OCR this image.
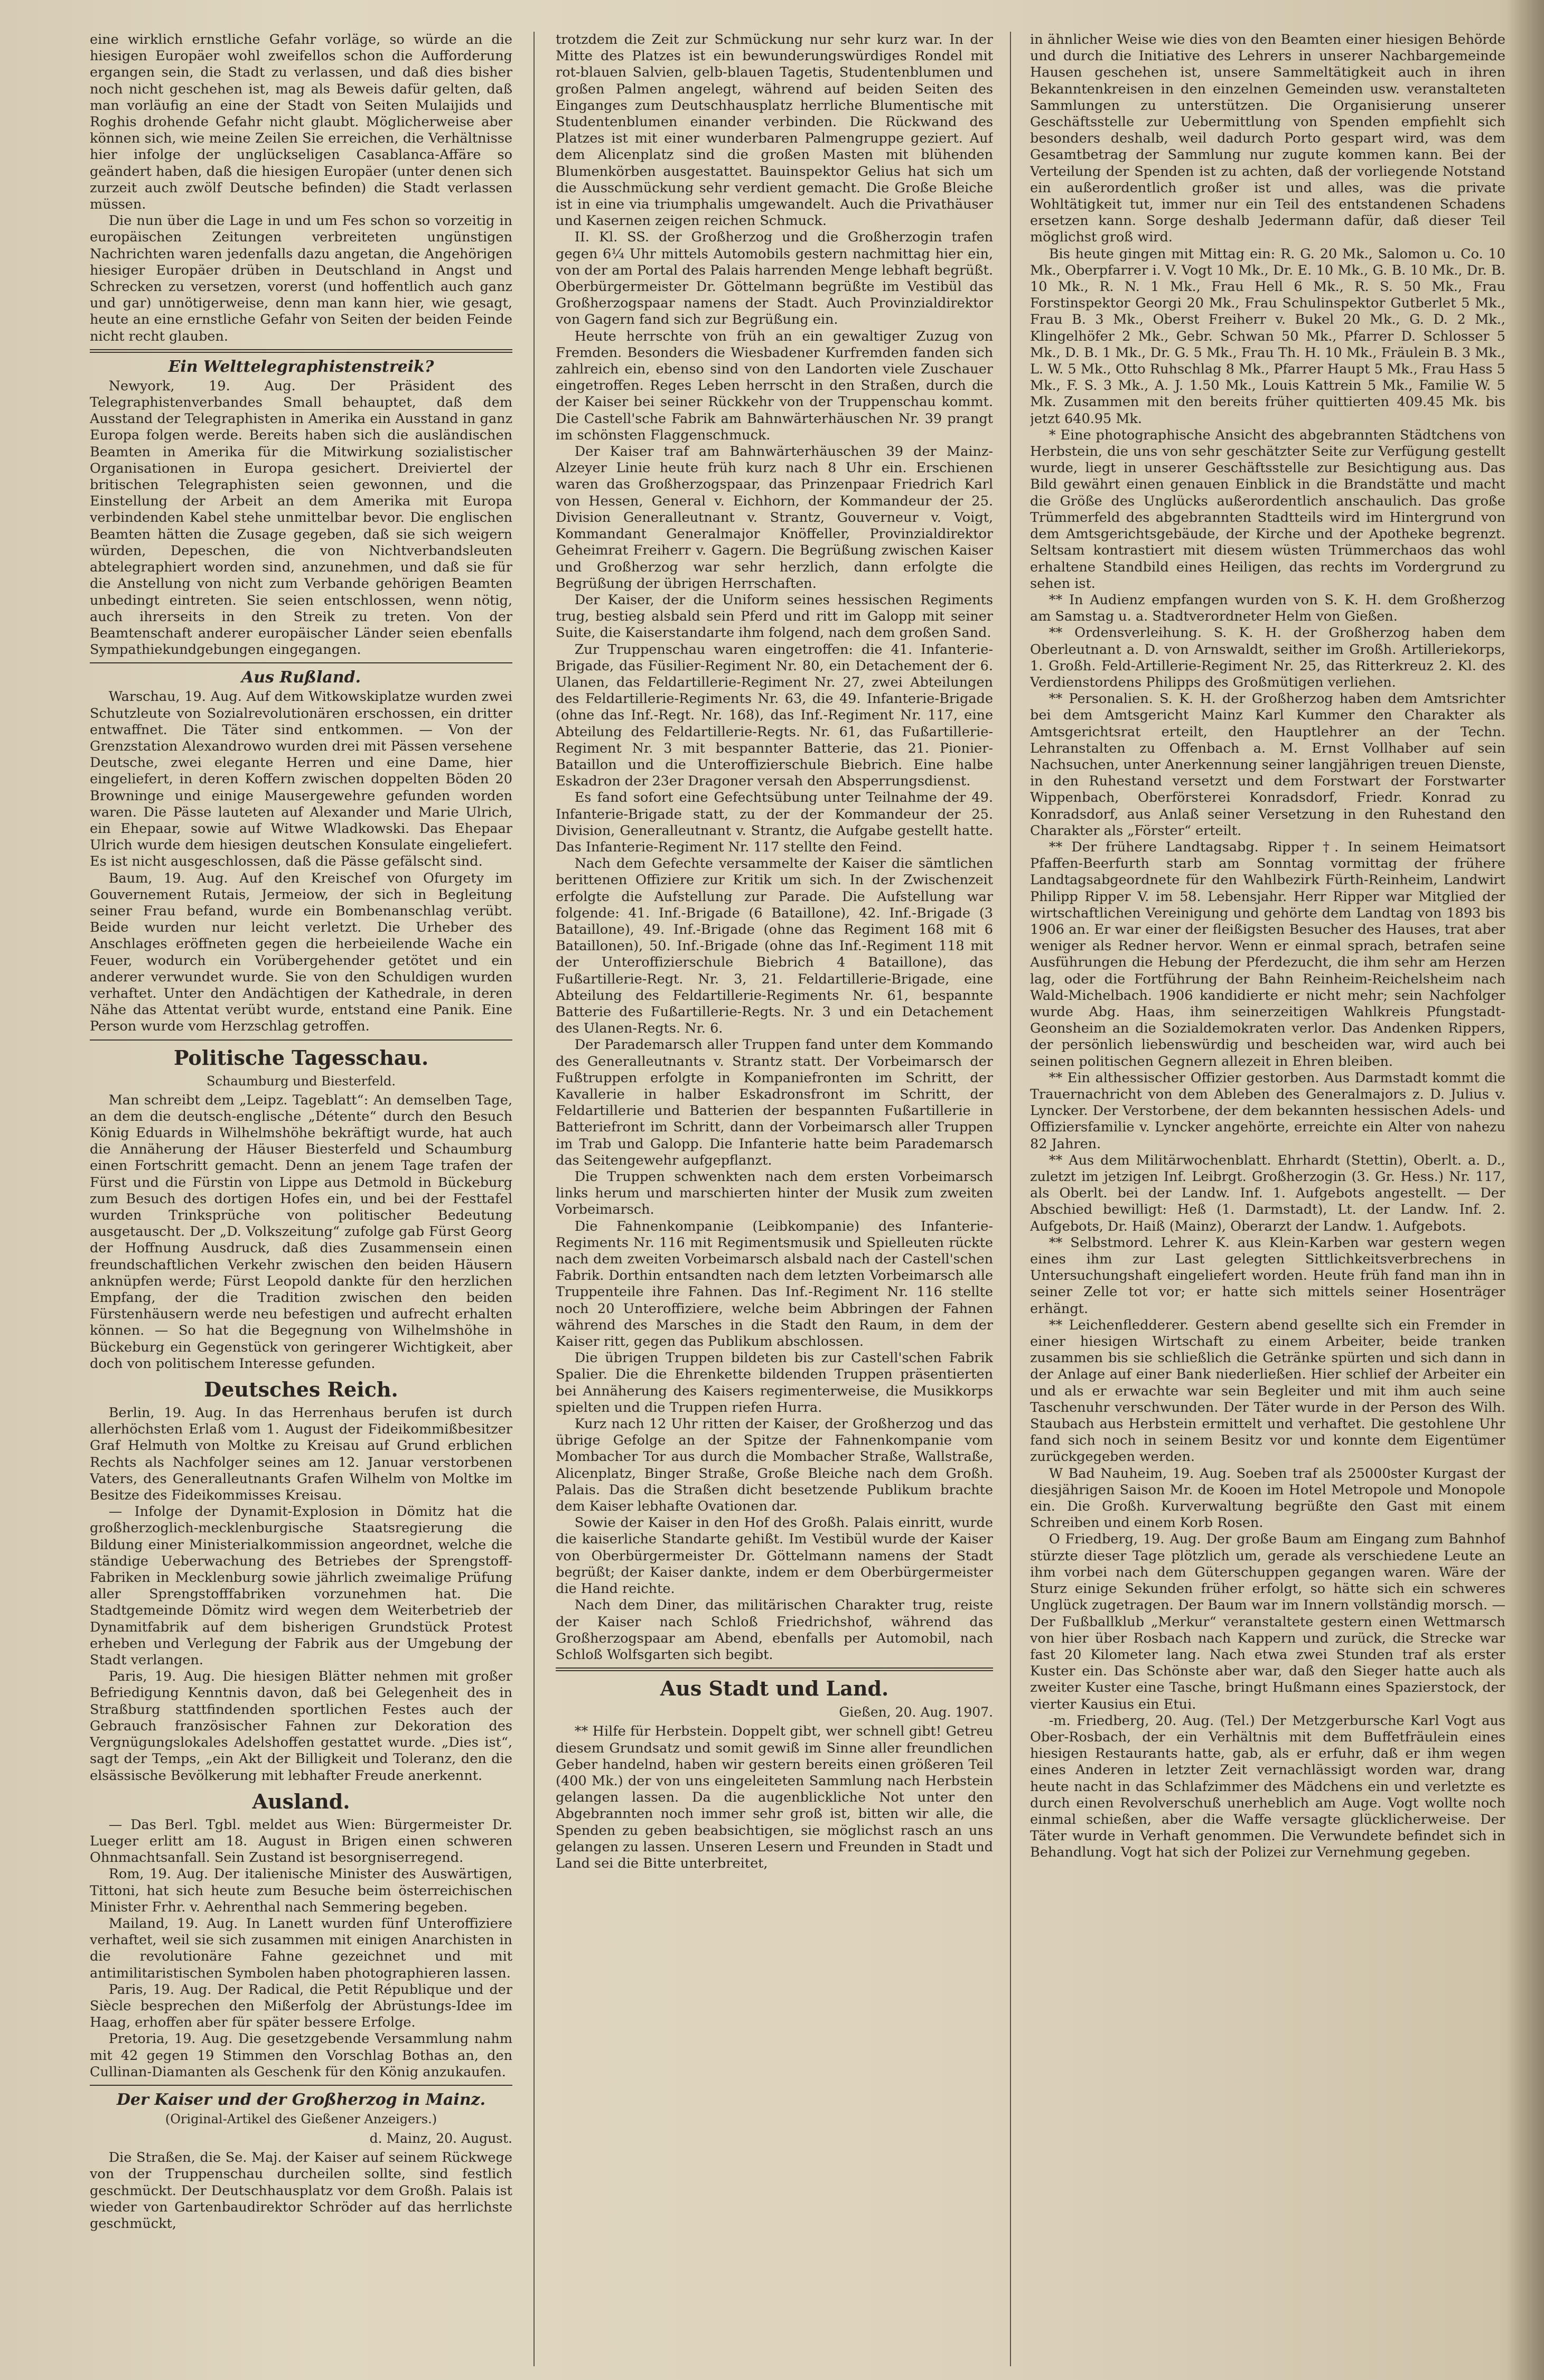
eine wirklich ernstliche Gefahr vorläge, so würde an die hiesigen Europäer wohl zweifellos schon die Aufforderung ergangen sein, die Stadt zu verlassen, und daß dies bisher noch nicht geschehen ist, mag als Beweis dafür gelten, daß man vorläufig an eine der Stadt von Seiten Mulaijids und Roghis drohende Gefahr nicht glaubt. Möglicherweise aber können sich, wie meine Zeilen Sie erreichen, die Verhältnisse hier infolge der unglückseligen Casablanca-Affäre so geändert haben, daß die hiesigen Europäer (unter denen sich zurzeit auch zwölf Deutsche befinden) die Stadt verlassen müssen.

Die nun über die Lage in und um Fes schon so vorzeitig in europäischen Zeitungen verbreiteten ungünstigen Nachrichten waren jedenfalls dazu angetan, die Angehörigen hiesiger Europäer drüben in Deutschland in Angst und Schrecken zu versetzen, vorerst (und hoffentlich auch ganz und gar) unnötigerweise, denn man kann hier, wie gesagt, heute an eine ernstliche Gefahr von Seiten der beiden Feinde nicht recht glauben.

Ein Welttelegraphistenstreik?

Newyork, 19. Aug. Der Präsident des Telegraphistenverbandes Small behauptet, daß dem Ausstand der Telegraphisten in Amerika ein Ausstand in ganz Europa folgen werde. Bereits haben sich die ausländischen Beamten in Amerika für die Mitwirkung sozialistischer Organisationen in Europa gesichert. Dreiviertel der britischen Telegraphisten seien gewonnen, und die Einstellung der Arbeit an dem Amerika mit Europa verbindenden Kabel stehe unmittelbar bevor. Die englischen Beamten hätten die Zusage gegeben, daß sie sich weigern würden, Depeschen, die von Nichtverbandsleuten abtelegraphiert worden sind, anzunehmen, und daß sie für die Anstellung von nicht zum Verbande gehörigen Beamten unbedingt eintreten. Sie seien entschlossen, wenn nötig, auch ihrerseits in den Streik zu treten. Von der Beamtenschaft anderer europäischer Länder seien ebenfalls Sympathiekundgebungen eingegangen.

Aus Rußland.

Warschau, 19. Aug. Auf dem Witkowskiplatze wurden zwei Schutzleute von Sozialrevolutionären erschossen, ein dritter entwaffnet. Die Täter sind entkommen. — Von der Grenzstation Alexandrowo wurden drei mit Pässen versehene Deutsche, zwei elegante Herren und eine Dame, hier eingeliefert, in deren Koffern zwischen doppelten Böden 20 Browninge und einige Mausergewehre gefunden worden waren. Die Pässe lauteten auf Alexander und Marie Ulrich, ein Ehepaar, sowie auf Witwe Wladkowski. Das Ehepaar Ulrich wurde dem hiesigen deutschen Konsulate eingeliefert. Es ist nicht ausgeschlossen, daß die Pässe gefälscht sind.

Baum, 19. Aug. Auf den Kreischef von Ofurgety im Gouvernement Rutais, Jermeiow, der sich in Begleitung seiner Frau befand, wurde ein Bombenanschlag verübt. Beide wurden nur leicht verletzt. Die Urheber des Anschlages eröffneten gegen die herbeieilende Wache ein Feuer, wodurch ein Vorübergehender getötet und ein anderer verwundet wurde. Sie von den Schuldigen wurden verhaftet. Unter den Andächtigen der Kathedrale, in deren Nähe das Attentat verübt wurde, entstand eine Panik. Eine Person wurde vom Herzschlag getroffen.

Politische Tagesschau.
Schaumburg und Biesterfeld.

Man schreibt dem „Leipz. Tageblatt“: An demselben Tage, an dem die deutsch-englische „Détente“ durch den Besuch König Eduards in Wilhelmshöhe bekräftigt wurde, hat auch die Annäherung der Häuser Biesterfeld und Schaumburg einen Fortschritt gemacht. Denn an jenem Tage trafen der Fürst und die Fürstin von Lippe aus Detmold in Bückeburg zum Besuch des dortigen Hofes ein, und bei der Festtafel wurden Trinksprüche von politischer Bedeutung ausgetauscht. Der „D. Volkszeitung“ zufolge gab Fürst Georg der Hoffnung Ausdruck, daß dies Zusammensein einen freundschaftlichen Verkehr zwischen den beiden Häusern anknüpfen werde; Fürst Leopold dankte für den herzlichen Empfang, der die Tradition zwischen den beiden Fürstenhäusern werde neu befestigen und aufrecht erhalten können. — So hat die Begegnung von Wilhelmshöhe in Bückeburg ein Gegenstück von geringerer Wichtigkeit, aber doch von politischem Interesse gefunden.

Deutsches Reich.

Berlin, 19. Aug. In das Herrenhaus berufen ist durch allerhöchsten Erlaß vom 1. August der Fideikommißbesitzer Graf Helmuth von Moltke zu Kreisau auf Grund erblichen Rechts als Nachfolger seines am 12. Januar verstorbenen Vaters, des Generalleutnants Grafen Wilhelm von Moltke im Besitze des Fideikommisses Kreisau.

— Infolge der Dynamit-Explosion in Dömitz hat die großherzoglich-mecklenburgische Staatsregierung die Bildung einer Ministerialkommission angeordnet, welche die ständige Ueberwachung des Betriebes der Sprengstoff-Fabriken in Mecklenburg sowie jährlich zweimalige Prüfung aller Sprengstofffabriken vorzunehmen hat. Die Stadtgemeinde Dömitz wird wegen dem Weiterbetrieb der Dynamitfabrik auf dem bisherigen Grundstück Protest erheben und Verlegung der Fabrik aus der Umgebung der Stadt verlangen.

Paris, 19. Aug. Die hiesigen Blätter nehmen mit großer Befriedigung Kenntnis davon, daß bei Gelegenheit des in Straßburg stattfindenden sportlichen Festes auch der Gebrauch französischer Fahnen zur Dekoration des Vergnügungslokales Adelshoffen gestattet wurde. „Dies ist“, sagt der Temps, „ein Akt der Billigkeit und Toleranz, den die elsässische Bevölkerung mit lebhafter Freude anerkennt.

Ausland.

— Das Berl. Tgbl. meldet aus Wien: Bürgermeister Dr. Lueger erlitt am 18. August in Brigen einen schweren Ohnmachtsanfall. Sein Zustand ist besorgniserregend.

Rom, 19. Aug. Der italienische Minister des Auswärtigen, Tittoni, hat sich heute zum Besuche beim österreichischen Minister Frhr. v. Aehrenthal nach Semmering begeben.

Mailand, 19. Aug. In Lanett wurden fünf Unteroffiziere verhaftet, weil sie sich zusammen mit einigen Anarchisten in die revolutionäre Fahne gezeichnet und mit antimilitaristischen Symbolen haben photographieren lassen.

Paris, 19. Aug. Der Radical, die Petit République und der Siècle besprechen den Mißerfolg der Abrüstungs-Idee im Haag, erhoffen aber für später bessere Erfolge.

Pretoria, 19. Aug. Die gesetzgebende Versammlung nahm mit 42 gegen 19 Stimmen den Vorschlag Bothas an, den Cullinan-Diamanten als Geschenk für den König anzukaufen.

Der Kaiser und der Großherzog in Mainz.
(Original-Artikel des Gießener Anzeigers.)
d. Mainz, 20. August.

Die Straßen, die Se. Maj. der Kaiser auf seinem Rückwege von der Truppenschau durcheilen sollte, sind festlich geschmückt. Der Deutschhausplatz vor dem Großh. Palais ist wieder von Gartenbaudirektor Schröder auf das herrlichste geschmückt,

trotzdem die Zeit zur Schmückung nur sehr kurz war. In der Mitte des Platzes ist ein bewunderungswürdiges Rondel mit rot-blauen Salvien, gelb-blauen Tagetis, Studentenblumen und großen Palmen angelegt, während auf beiden Seiten des Einganges zum Deutschhausplatz herrliche Blumentische mit Studentenblumen einander verbinden. Die Rückwand des Platzes ist mit einer wunderbaren Palmengruppe geziert. Auf dem Alicenplatz sind die großen Masten mit blühenden Blumenkörben ausgestattet. Bauinspektor Gelius hat sich um die Ausschmückung sehr verdient gemacht. Die Große Bleiche ist in eine via triumphalis umgewandelt. Auch die Privathäuser und Kasernen zeigen reichen Schmuck.

II. Kl. SS. der Großherzog und die Großherzogin trafen gegen 6¼ Uhr mittels Automobils gestern nachmittag hier ein, von der am Portal des Palais harrenden Menge lebhaft begrüßt. Oberbürgermeister Dr. Göttelmann begrüßte im Vestibül das Großherzogspaar namens der Stadt. Auch Provinzialdirektor von Gagern fand sich zur Begrüßung ein.

Heute herrschte von früh an ein gewaltiger Zuzug von Fremden. Besonders die Wiesbadener Kurfremden fanden sich zahlreich ein, ebenso sind von den Landorten viele Zuschauer eingetroffen. Reges Leben herrscht in den Straßen, durch die der Kaiser bei seiner Rückkehr von der Truppenschau kommt. Die Castell'sche Fabrik am Bahnwärterhäuschen Nr. 39 prangt im schönsten Flaggenschmuck.

Der Kaiser traf am Bahnwärterhäuschen 39 der Mainz-Alzeyer Linie heute früh kurz nach 8 Uhr ein. Erschienen waren das Großherzogspaar, das Prinzenpaar Friedrich Karl von Hessen, General v. Eichhorn, der Kommandeur der 25. Division Generalleutnant v. Strantz, Gouverneur v. Voigt, Kommandant Generalmajor Knöffeller, Provinzialdirektor Geheimrat Freiherr v. Gagern. Die Begrüßung zwischen Kaiser und Großherzog war sehr herzlich, dann erfolgte die Begrüßung der übrigen Herrschaften.

Der Kaiser, der die Uniform seines hessischen Regiments trug, bestieg alsbald sein Pferd und ritt im Galopp mit seiner Suite, die Kaiserstandarte ihm folgend, nach dem großen Sand.

Zur Truppenschau waren eingetroffen: die 41. Infanterie-Brigade, das Füsilier-Regiment Nr. 80, ein Detachement der 6. Ulanen, das Feldartillerie-Regiment Nr. 27, zwei Abteilungen des Feldartillerie-Regiments Nr. 63, die 49. Infanterie-Brigade (ohne das Inf.-Regt. Nr. 168), das Inf.-Regiment Nr. 117, eine Abteilung des Feldartillerie-Regts. Nr. 61, das Fußartillerie-Regiment Nr. 3 mit bespannter Batterie, das 21. Pionier-Bataillon und die Unteroffizierschule Biebrich. Eine halbe Eskadron der 23er Dragoner versah den Absperrungsdienst.

Es fand sofort eine Gefechtsübung unter Teilnahme der 49. Infanterie-Brigade statt, zu der der Kommandeur der 25. Division, Generalleutnant v. Strantz, die Aufgabe gestellt hatte. Das Infanterie-Regiment Nr. 117 stellte den Feind.

Nach dem Gefechte versammelte der Kaiser die sämtlichen berittenen Offiziere zur Kritik um sich. In der Zwischenzeit erfolgte die Aufstellung zur Parade. Die Aufstellung war folgende: 41. Inf.-Brigade (6 Bataillone), 42. Inf.-Brigade (3 Bataillone), 49. Inf.-Brigade (ohne das Regiment 168 mit 6 Bataillonen), 50. Inf.-Brigade (ohne das Inf.-Regiment 118 mit der Unteroffizierschule Biebrich 4 Bataillone), das Fußartillerie-Regt. Nr. 3, 21. Feldartillerie-Brigade, eine Abteilung des Feldartillerie-Regiments Nr. 61, bespannte Batterie des Fußartillerie-Regts. Nr. 3 und ein Detachement des Ulanen-Regts. Nr. 6.

Der Parademarsch aller Truppen fand unter dem Kommando des Generalleutnants v. Strantz statt. Der Vorbeimarsch der Fußtruppen erfolgte in Kompaniefronten im Schritt, der Kavallerie in halber Eskadronsfront im Schritt, der Feldartillerie und Batterien der bespannten Fußartillerie in Batteriefront im Schritt, dann der Vorbeimarsch aller Truppen im Trab und Galopp. Die Infanterie hatte beim Parademarsch das Seitengewehr aufgepflanzt.

Die Truppen schwenkten nach dem ersten Vorbeimarsch links herum und marschierten hinter der Musik zum zweiten Vorbeimarsch.

Die Fahnenkompanie (Leibkompanie) des Infanterie-Regiments Nr. 116 mit Regimentsmusik und Spielleuten rückte nach dem zweiten Vorbeimarsch alsbald nach der Castell'schen Fabrik. Dorthin entsandten nach dem letzten Vorbeimarsch alle Truppenteile ihre Fahnen. Das Inf.-Regiment Nr. 116 stellte noch 20 Unteroffiziere, welche beim Abbringen der Fahnen während des Marsches in die Stadt den Raum, in dem der Kaiser ritt, gegen das Publikum abschlossen.

Die übrigen Truppen bildeten bis zur Castell'schen Fabrik Spalier. Die die Ehrenkette bildenden Truppen präsentierten bei Annäherung des Kaisers regimenterweise, die Musikkorps spielten und die Truppen riefen Hurra.

Kurz nach 12 Uhr ritten der Kaiser, der Großherzog und das übrige Gefolge an der Spitze der Fahnenkompanie vom Mombacher Tor aus durch die Mombacher Straße, Wallstraße, Alicenplatz, Binger Straße, Große Bleiche nach dem Großh. Palais. Das die Straßen dicht besetzende Publikum brachte dem Kaiser lebhafte Ovationen dar.

Sowie der Kaiser in den Hof des Großh. Palais einritt, wurde die kaiserliche Standarte gehißt. Im Vestibül wurde der Kaiser von Oberbürgermeister Dr. Göttelmann namens der Stadt begrüßt; der Kaiser dankte, indem er dem Oberbürgermeister die Hand reichte.

Nach dem Diner, das militärischen Charakter trug, reiste der Kaiser nach Schloß Friedrichshof, während das Großherzogspaar am Abend, ebenfalls per Automobil, nach Schloß Wolfsgarten sich begibt.

Aus Stadt und Land.
Gießen, 20. Aug. 1907.

** Hilfe für Herbstein. Doppelt gibt, wer schnell gibt! Getreu diesem Grundsatz und somit gewiß im Sinne aller freundlichen Geber handelnd, haben wir gestern bereits einen größeren Teil (400 Mk.) der von uns eingeleiteten Sammlung nach Herbstein gelangen lassen. Da die augenblickliche Not unter den Abgebrannten noch immer sehr groß ist, bitten wir alle, die Spenden zu geben beabsichtigen, sie möglichst rasch an uns gelangen zu lassen. Unseren Lesern und Freunden in Stadt und Land sei die Bitte unterbreitet,

in ähnlicher Weise wie dies von den Beamten einer hiesigen Behörde und durch die Initiative des Lehrers in unserer Nachbargemeinde Hausen geschehen ist, unsere Sammeltätigkeit auch in ihren Bekanntenkreisen in den einzelnen Gemeinden usw. veranstalteten Sammlungen zu unterstützen. Die Organisierung unserer Geschäftsstelle zur Uebermittlung von Spenden empfiehlt sich besonders deshalb, weil dadurch Porto gespart wird, was dem Gesamtbetrag der Sammlung nur zugute kommen kann. Bei der Verteilung der Spenden ist zu achten, daß der vorliegende Notstand ein außerordentlich großer ist und alles, was die private Wohltätigkeit tut, immer nur ein Teil des entstandenen Schadens ersetzen kann. Sorge deshalb Jedermann dafür, daß dieser Teil möglichst groß wird.

Bis heute gingen mit Mittag ein: R. G. 20 Mk., Salomon u. Co. 10 Mk., Oberpfarrer i. V. Vogt 10 Mk., Dr. E. 10 Mk., G. B. 10 Mk., Dr. B. 10 Mk., R. N. 1 Mk., Frau Hell 6 Mk., R. S. 50 Mk., Frau Forstinspektor Georgi 20 Mk., Frau Schulinspektor Gutberlet 5 Mk., Frau B. 3 Mk., Oberst Freiherr v. Bukel 20 Mk., G. D. 2 Mk., Klingelhöfer 2 Mk., Gebr. Schwan 50 Mk., Pfarrer D. Schlosser 5 Mk., D. B. 1 Mk., Dr. G. 5 Mk., Frau Th. H. 10 Mk., Fräulein B. 3 Mk., L. W. 5 Mk., Otto Ruhschlag 8 Mk., Pfarrer Haupt 5 Mk., Frau Hass 5 Mk., F. S. 3 Mk., A. J. 1.50 Mk., Louis Kattrein 5 Mk., Familie W. 5 Mk. Zusammen mit den bereits früher quittierten 409.45 Mk. bis jetzt 640.95 Mk.

* Eine photographische Ansicht des abgebrannten Städtchens von Herbstein, die uns von sehr geschätzter Seite zur Verfügung gestellt wurde, liegt in unserer Geschäftsstelle zur Besichtigung aus. Das Bild gewährt einen genauen Einblick in die Brandstätte und macht die Größe des Unglücks außerordentlich anschaulich. Das große Trümmerfeld des abgebrannten Stadtteils wird im Hintergrund von dem Amtsgerichtsgebäude, der Kirche und der Apotheke begrenzt. Seltsam kontrastiert mit diesem wüsten Trümmerchaos das wohl erhaltene Standbild eines Heiligen, das rechts im Vordergrund zu sehen ist.

** In Audienz empfangen wurden von S. K. H. dem Großherzog am Samstag u. a. Stadtverordneter Helm von Gießen.

** Ordensverleihung. S. K. H. der Großherzog haben dem Oberleutnant a. D. von Arnswaldt, seither im Großh. Artilleriekorps, 1. Großh. Feld-Artillerie-Regiment Nr. 25, das Ritterkreuz 2. Kl. des Verdienstordens Philipps des Großmütigen verliehen.

** Personalien. S. K. H. der Großherzog haben dem Amtsrichter bei dem Amtsgericht Mainz Karl Kummer den Charakter als Amtsgerichtsrat erteilt, den Hauptlehrer an der Techn. Lehranstalten zu Offenbach a. M. Ernst Vollhaber auf sein Nachsuchen, unter Anerkennung seiner langjährigen treuen Dienste, in den Ruhestand versetzt und dem Forstwart der Forstwarter Wippenbach, Oberförsterei Konradsdorf, Friedr. Konrad zu Konradsdorf, aus Anlaß seiner Versetzung in den Ruhestand den Charakter als „Förster“ erteilt.

** Der frühere Landtagsabg. Ripper †. In seinem Heimatsort Pfaffen-Beerfurth starb am Sonntag vormittag der frühere Landtagsabgeordnete für den Wahlbezirk Fürth-Reinheim, Landwirt Philipp Ripper V. im 58. Lebensjahr. Herr Ripper war Mitglied der wirtschaftlichen Vereinigung und gehörte dem Landtag von 1893 bis 1906 an. Er war einer der fleißigsten Besucher des Hauses, trat aber weniger als Redner hervor. Wenn er einmal sprach, betrafen seine Ausführungen die Hebung der Pferdezucht, die ihm sehr am Herzen lag, oder die Fortführung der Bahn Reinheim-Reichelsheim nach Wald-Michelbach. 1906 kandidierte er nicht mehr; sein Nachfolger wurde Abg. Haas, ihm seinerzeitigen Wahlkreis Pfungstadt-Geonsheim an die Sozialdemokraten verlor. Das Andenken Rippers, der persönlich liebenswürdig und bescheiden war, wird auch bei seinen politischen Gegnern allezeit in Ehren bleiben.

** Ein althessischer Offizier gestorben. Aus Darmstadt kommt die Trauernachricht von dem Ableben des Generalmajors z. D. Julius v. Lyncker. Der Verstorbene, der dem bekannten hessischen Adels- und Offiziersfamilie v. Lyncker angehörte, erreichte ein Alter von nahezu 82 Jahren.

** Aus dem Militärwochenblatt. Ehrhardt (Stettin), Oberlt. a. D., zuletzt im jetzigen Inf. Leibrgt. Großherzogin (3. Gr. Hess.) Nr. 117, als Oberlt. bei der Landw. Inf. 1. Aufgebots angestellt. — Der Abschied bewilligt: Heß (1. Darmstadt), Lt. der Landw. Inf. 2. Aufgebots, Dr. Haiß (Mainz), Oberarzt der Landw. 1. Aufgebots.

** Selbstmord. Lehrer K. aus Klein-Karben war gestern wegen eines ihm zur Last gelegten Sittlichkeitsverbrechens in Untersuchungshaft eingeliefert worden. Heute früh fand man ihn in seiner Zelle tot vor; er hatte sich mittels seiner Hosenträger erhängt.

** Leichenfledderer. Gestern abend gesellte sich ein Fremder in einer hiesigen Wirtschaft zu einem Arbeiter, beide tranken zusammen bis sie schließlich die Getränke spürten und sich dann in der Anlage auf einer Bank niederließen. Hier schlief der Arbeiter ein und als er erwachte war sein Begleiter und mit ihm auch seine Taschenuhr verschwunden. Der Täter wurde in der Person des Wilh. Staubach aus Herbstein ermittelt und verhaftet. Die gestohlene Uhr fand sich noch in seinem Besitz vor und konnte dem Eigentümer zurückgegeben werden.

W Bad Nauheim, 19. Aug. Soeben traf als 25000ster Kurgast der diesjährigen Saison Mr. de Kooen im Hotel Metropole und Monopole ein. Die Großh. Kurverwaltung begrüßte den Gast mit einem Schreiben und einem Korb Rosen.

O Friedberg, 19. Aug. Der große Baum am Eingang zum Bahnhof stürzte dieser Tage plötzlich um, gerade als verschiedene Leute an ihm vorbei nach dem Güterschuppen gegangen waren. Wäre der Sturz einige Sekunden früher erfolgt, so hätte sich ein schweres Unglück zugetragen. Der Baum war im Innern vollständig morsch. — Der Fußballklub „Merkur“ veranstaltete gestern einen Wettmarsch von hier über Rosbach nach Kappern und zurück, die Strecke war fast 20 Kilometer lang. Nach etwa zwei Stunden traf als erster Kuster ein. Das Schönste aber war, daß den Sieger hatte auch als zweiter Kuster eine Tasche, bringt Hußmann eines Spazierstock, der vierter Kausius ein Etui.

-m. Friedberg, 20. Aug. (Tel.) Der Metzgerbursche Karl Vogt aus Ober-Rosbach, der ein Verhältnis mit dem Buffetfräulein eines hiesigen Restaurants hatte, gab, als er erfuhr, daß er ihm wegen eines Anderen in letzter Zeit vernachlässigt worden war, drang heute nacht in das Schlafzimmer des Mädchens ein und verletzte es durch einen Revolverschuß unerheblich am Auge. Vogt wollte noch einmal schießen, aber die Waffe versagte glücklicherweise. Der Täter wurde in Verhaft genommen. Die Verwundete befindet sich in Behandlung. Vogt hat sich der Polizei zur Vernehmung gegeben.
